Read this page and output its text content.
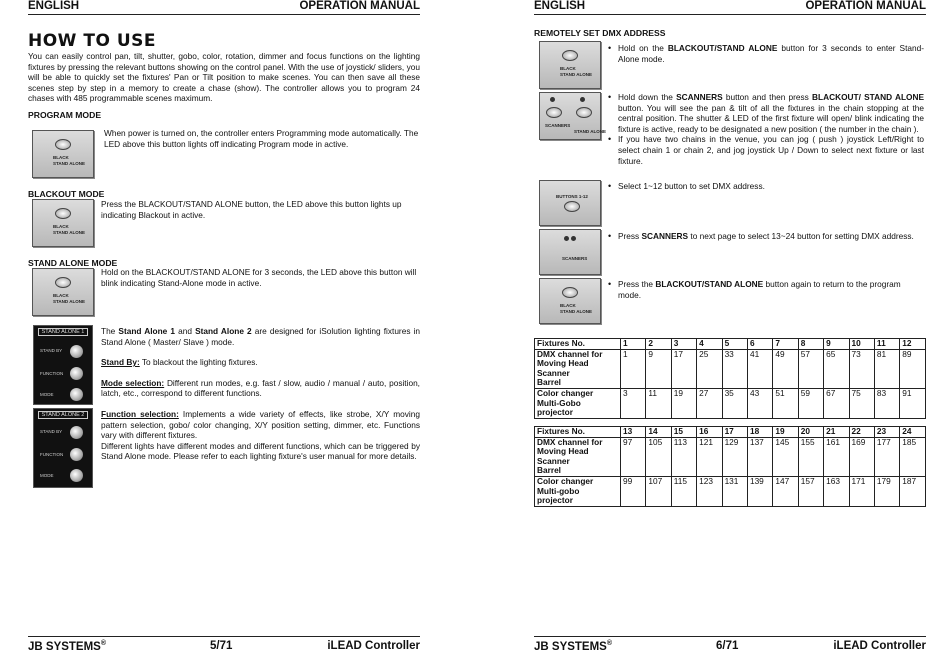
ENGLISH	OPERATION MANUAL
HOW TO USE

You can easily control pan, tilt, shutter, gobo, color, rotation, dimmer and focus functions on the lighting fixtures by pressing the relevant buttons showing on the control panel. With the use of joystick/ sliders, you will be able to quickly set the fixtures' Pan or Tilt position to make scenes. You can then save all these scenes step by step in a memory to create a chase (show). The controller allows you to program 24 chases with 485 programmable scenes maximum.

PROGRAM MODE
BLACK
STAND ALONE

When power is turned on, the controller enters Programming mode automatically. The LED above this button lights off indicating Program mode in active.

BLACKOUT MODE
BLACK
STAND ALONE

Press the BLACKOUT/STAND ALONE button, the LED above this button lights up indicating Blackout in active.

STAND ALONE MODE
BLACK
STAND ALONE

Hold on the BLACKOUT/STAND ALONE for 3 seconds, the LED above this button will blink indicating Stand-Alone mode in active.

STAND ALONE 1
STAND BY
FUNCTION
MODE
STAND ALONE 2
STAND BY
FUNCTION
MODE

The Stand Alone 1 and Stand Alone 2 are designed for iSolution lighting fixtures in Stand Alone ( Master/ Slave ) mode.

Stand By: To blackout the lighting fixtures.

Mode selection: Different run modes, e.g. fast / slow, audio / manual / auto, position, latch, etc., correspond to different functions.

Function selection: Implements a wide variety of effects, like strobe, X/Y moving pattern selection, gobo/ color changing, X/Y position setting, dimmer, etc. Functions vary with different fixtures.

Different lights have different modes and different functions, which can be triggered by Stand Alone mode. Please refer to each lighting fixture's user manual for more details.

JB SYSTEMS®	5/71	iLEAD Controller
ENGLISH	OPERATION MANUAL
REMOTELY SET DMX ADDRESS
BLACK
STAND ALONE
SCANNERS
STAND ALONE
BUTTONS 1-12
SCANNERS
BLACK
STAND ALONE
• Hold on the BLACKOUT/STAND ALONE button for 3 seconds to enter Stand-Alone mode.
• Hold down the SCANNERS button and then press BLACKOUT/ STAND ALONE button. You will see the pan & tilt of all the fixtures in the chain stopping at the central position. The shutter & LED of the first fixture will open/ blink indicating the fixture is active, ready to be designated a new position ( the number in the chain ).
• If you have two chains in the venue, you can jog ( push ) joystick Left/Right to select chain 1 or chain 2, and jog joystick Up / Down to select next fixture or last fixture.
• Select 1~12 button to set DMX address.
• Press SCANNERS to next page to select 13~24 button for setting DMX address.
• Press the BLACKOUT/STAND ALONE button again to return to the program mode.
Fixtures No.	1	2	3	4	5	6	7	8	9	10	11	12

DMX channel for
Moving Head
Scanner
Barrel	1	9	17	25	33	41	49	57	65	73	81	89

Color changer
Multi-Gobo
projector	3	11	19	27	35	43	51	59	67	75	83	91
Fixtures No.	13	14	15	16	17	18	19	20	21	22	23	24

DMX channel for
Moving Head
Scanner
Barrel	97	105	113	121	129	137	145	155	161	169	177	185

Color changer
Multi-gobo
projector	99	107	115	123	131	139	147	157	163	171	179	187
JB SYSTEMS®	6/71	iLEAD Controller
